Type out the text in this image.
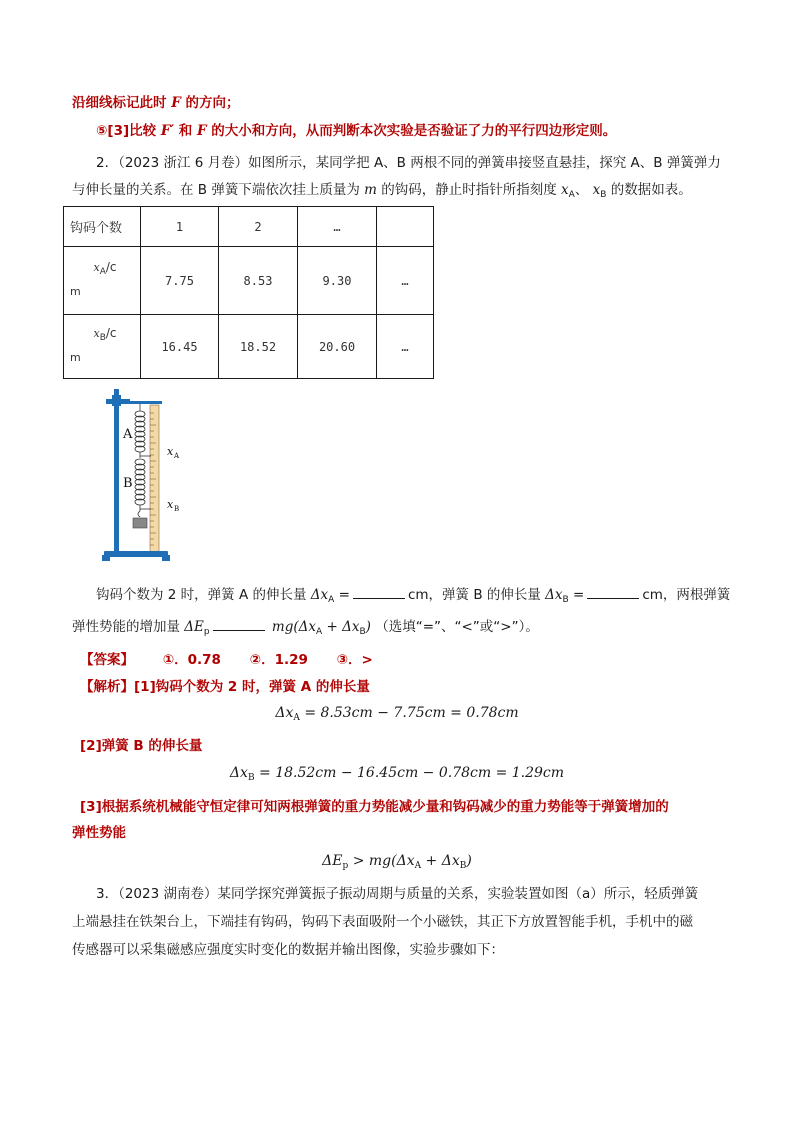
沿细线标记此时 F 的方向；
⑤[3]比较 F′ 和 F 的大小和方向，从而判断本次实验是否验证了力的平行四边形定则。
2．（2023 浙江 6 月卷）如图所示，某同学把 A、B 两根不同的弹簧串接竖直悬挂，探究 A、B 弹簧弹力
与伸长量的关系。在 B 弹簧下端依次挂上质量为 m 的钩码，静止时指针所指刻度 $x_A$、 $x_B$ 的数据如表。
钩码个数	1	2	…	

$x_A/c$
m	7.75	8.53	9.30	…

$x_B/c$
m	16.45	18.52	20.60	…
A
B
x A
x B
钩码个数为 2 时，弹簧 A 的伸长量 $\Delta x_A$ =	cm，弹簧 B 的伸长量 $\Delta x_B$ =	cm，两根弹簧
弹性势能的增加量 $\Delta E_p$	$mg(\Delta x_A + \Delta x_B)$ （选填“=”、“<”或“>”）。
【答案】 ①．0.78 ②．1.29 ③．>
【解析】[1]钩码个数为 2 时，弹簧 A 的伸长量
$\Delta x_A = 8.53cm - 7.75cm = 0.78cm$
[2]弹簧 B 的伸长量
$\Delta x_B = 18.52cm - 16.45cm - 0.78cm = 1.29cm$
[3]根据系统机械能守恒定律可知两根弹簧的重力势能减少量和钩码减少的重力势能等于弹簧增加的
弹性势能
$\Delta E_p > mg(\Delta x_A + \Delta x_B)$
3．（2023 湖南卷）某同学探究弹簧振子振动周期与质量的关系，实验装置如图（a）所示，轻质弹簧
上端悬挂在铁架台上，下端挂有钩码，钩码下表面吸附一个小磁铁，其正下方放置智能手机，手机中的磁
传感器可以采集磁感应强度实时变化的数据并输出图像，实验步骤如下：
